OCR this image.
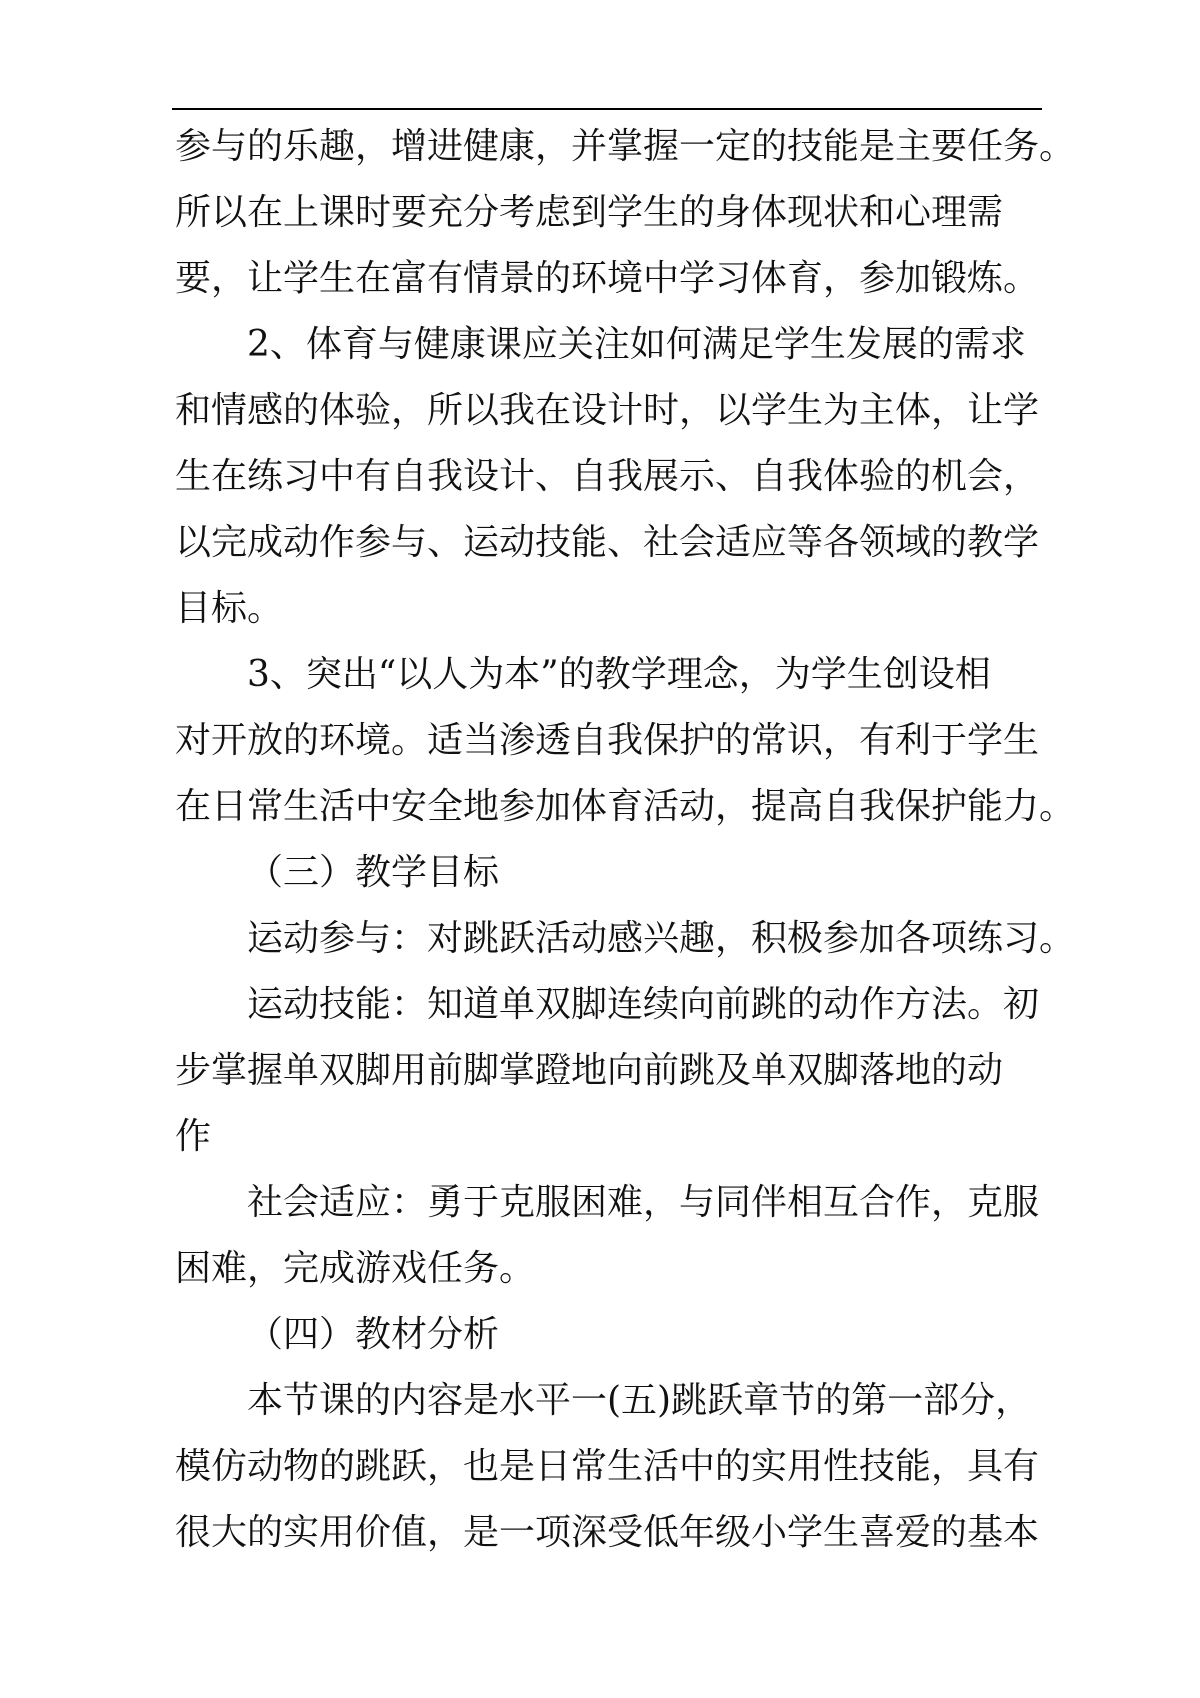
参与的乐趣，增进健康，并掌握一定的技能是主要任务。
所以在上课时要充分考虑到学生的身体现状和心理需
要，让学生在富有情景的环境中学习体育，参加锻炼。
2、体育与健康课应关注如何满足学生发展的需求
和情感的体验，所以我在设计时，以学生为主体，让学
生在练习中有自我设计、自我展示、自我体验的机会，
以完成动作参与、运动技能、社会适应等各领域的教学
目标。
3、突出“以人为本”的教学理念，为学生创设相
对开放的环境。适当渗透自我保护的常识，有利于学生
在日常生活中安全地参加体育活动，提高自我保护能力。
（三）教学目标
运动参与：对跳跃活动感兴趣，积极参加各项练习。
运动技能：知道单双脚连续向前跳的动作方法。初
步掌握单双脚用前脚掌蹬地向前跳及单双脚落地的动
作
社会适应：勇于克服困难，与同伴相互合作，克服
困难，完成游戏任务。
（四）教材分析
本节课的内容是水平一(五)跳跃章节的第一部分，
模仿动物的跳跃，也是日常生活中的实用性技能，具有
很大的实用价值，是一项深受低年级小学生喜爱的基本
